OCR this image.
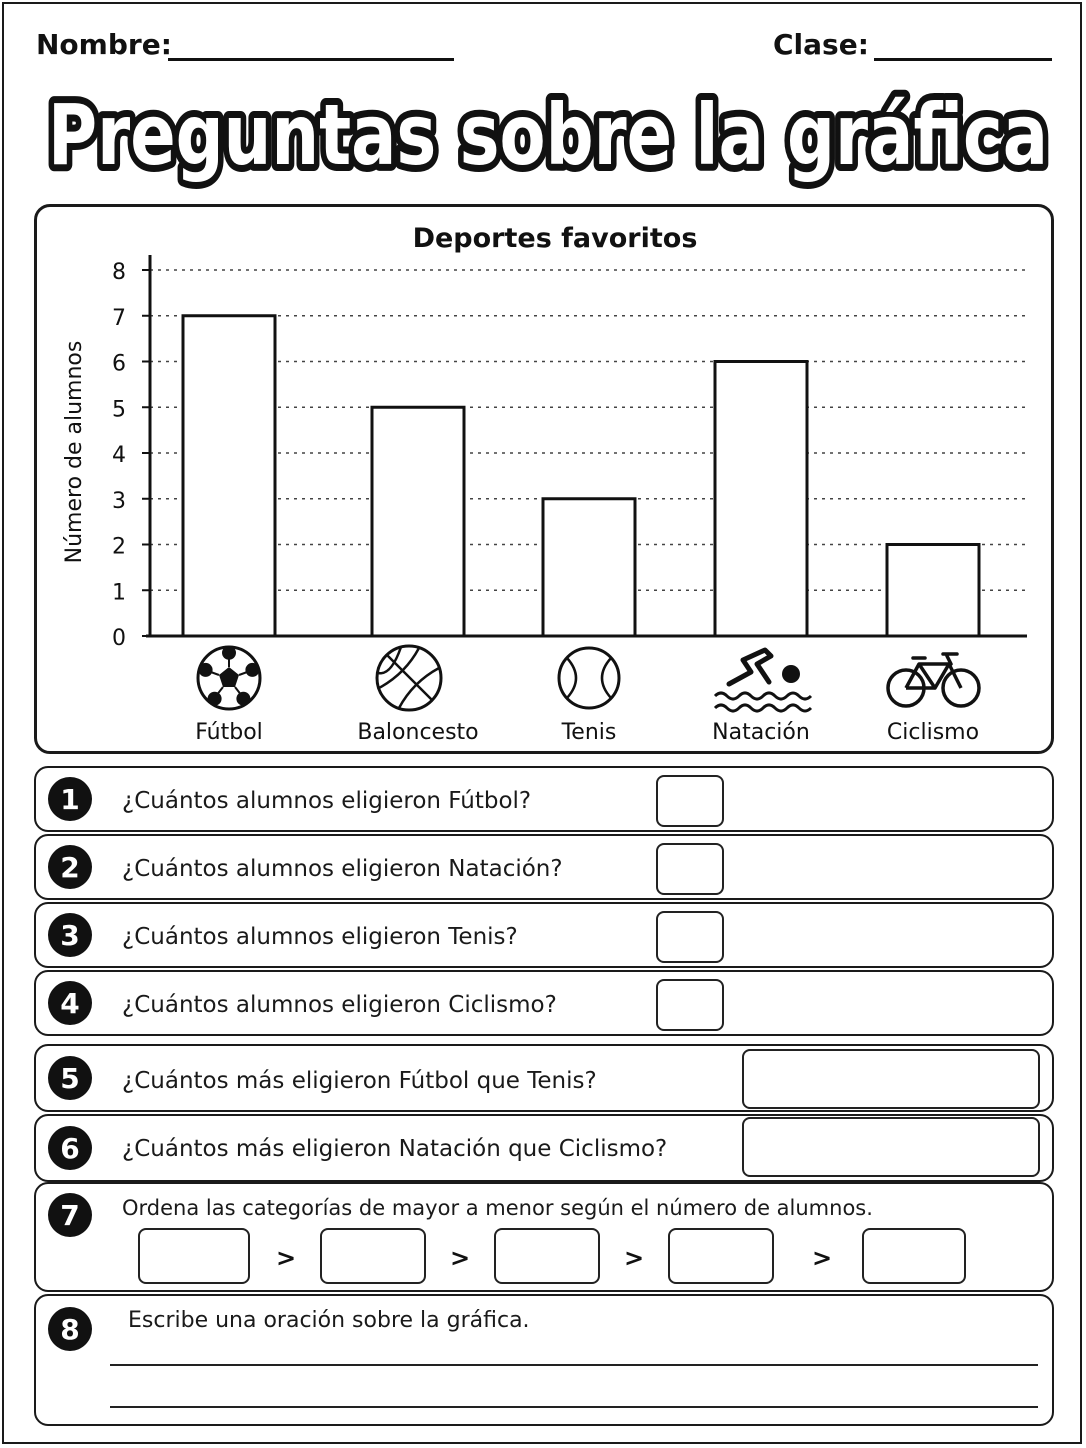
Nombre:	Clase:
Preguntas sobre la gráfica
Preguntas sobre la gráfica
Deportes favoritos
Número de alumnos
0
1
2
3
4
5
6
7
8
Fútbol	Baloncesto	Tenis	Natación	Ciclismo
1	¿Cuántos alumnos eligieron Fútbol?
2	¿Cuántos alumnos eligieron Natación?
3	¿Cuántos alumnos eligieron Tenis?
4	¿Cuántos alumnos eligieron Ciclismo?
5	¿Cuántos más eligieron Fútbol que Tenis?
6	¿Cuántos más eligieron Natación que Ciclismo?
7	Ordena las categorías de mayor a menor según el número de alumnos.
>	>	>	>
8	Escribe una oración sobre la gráfica.
